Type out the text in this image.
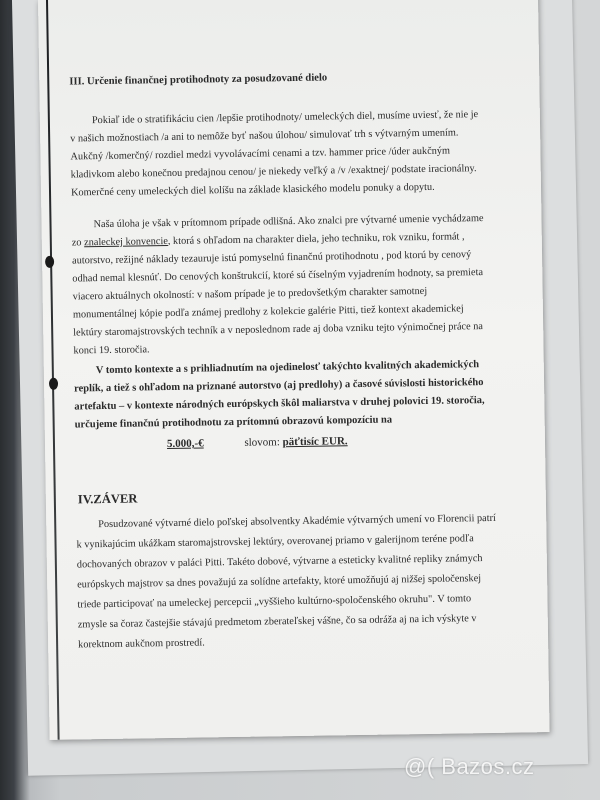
III. Určenie finančnej protihodnoty za posudzované dielo
Pokiaľ ide o stratifikáciu cien /lepšie protihodnoty/ umeleckých diel, musíme uviesť, že nie je
v našich možnostiach /a ani to nemôže byť našou úlohou/ simulovať trh s výtvarným umením.
Aukčný /komerčný/ rozdiel medzi vyvolávacími cenami a tzv. hammer price /úder aukčným
kladivkom alebo konečnou predajnou cenou/ je niekedy veľký a /v /exaktnej/ podstate iracionálny.
Komerčné ceny umeleckých diel kolíšu na základe klasického modelu ponuky a dopytu.
Naša úloha je však v prítomnom prípade odlišná. Ako znalci pre výtvarné umenie vychádzame
zo znaleckej konvencie, ktorá s ohľadom na charakter diela, jeho techniku, rok vzniku, formát ,
autorstvo, režijné náklady tezauruje istú pomyselnú finančnú protihodnotu , pod ktorú by cenový
odhad nemal klesnúť. Do cenových konštrukcií, ktoré sú číselným vyjadrením hodnoty, sa premieta
viacero aktuálnych okolností: v našom prípade je to predovšetkým charakter samotnej
monumentálnej kópie podľa známej predlohy z kolekcie galérie Pitti, tiež kontext akademickej
lektúry staromajstrovských techník a v neposlednom rade aj doba vzniku tejto výnimočnej práce na
konci 19. storočia.
V tomto kontexte a s prihliadnutím na ojedinelosť takýchto kvalitných akademických
replík, a tiež s ohľadom na priznané autorstvo (aj predlohy) a časové súvislosti historického
artefaktu – v kontexte národných európskych škôl maliarstva v druhej polovici 19. storočia,
určujeme finančnú protihodnotu za prítomnú obrazovú kompozíciu na
5.000,-€	slovom: päťtisíc EUR.
IV.ZÁVER
Posudzované výtvarné dielo poľskej absolventky Akadémie výtvarných umení vo Florencii patrí
k vynikajúcim ukážkam staromajstrovskej lektúry, overovanej priamo v galerijnom teréne podľa
dochovaných obrazov v paláci Pitti. Takéto dobové, výtvarne a esteticky kvalitné repliky známych
európskych majstrov sa dnes považujú za solídne artefakty, ktoré umožňujú aj nižšej spoločenskej
triede participovať na umeleckej percepcii „vyššieho kultúrno-spoločenského okruhu". V tomto
zmysle sa čoraz častejšie stávajú predmetom zberateľskej vášne, čo sa odráža aj na ich výskyte v
korektnom aukčnom prostredí.
@( Bazos.cz
